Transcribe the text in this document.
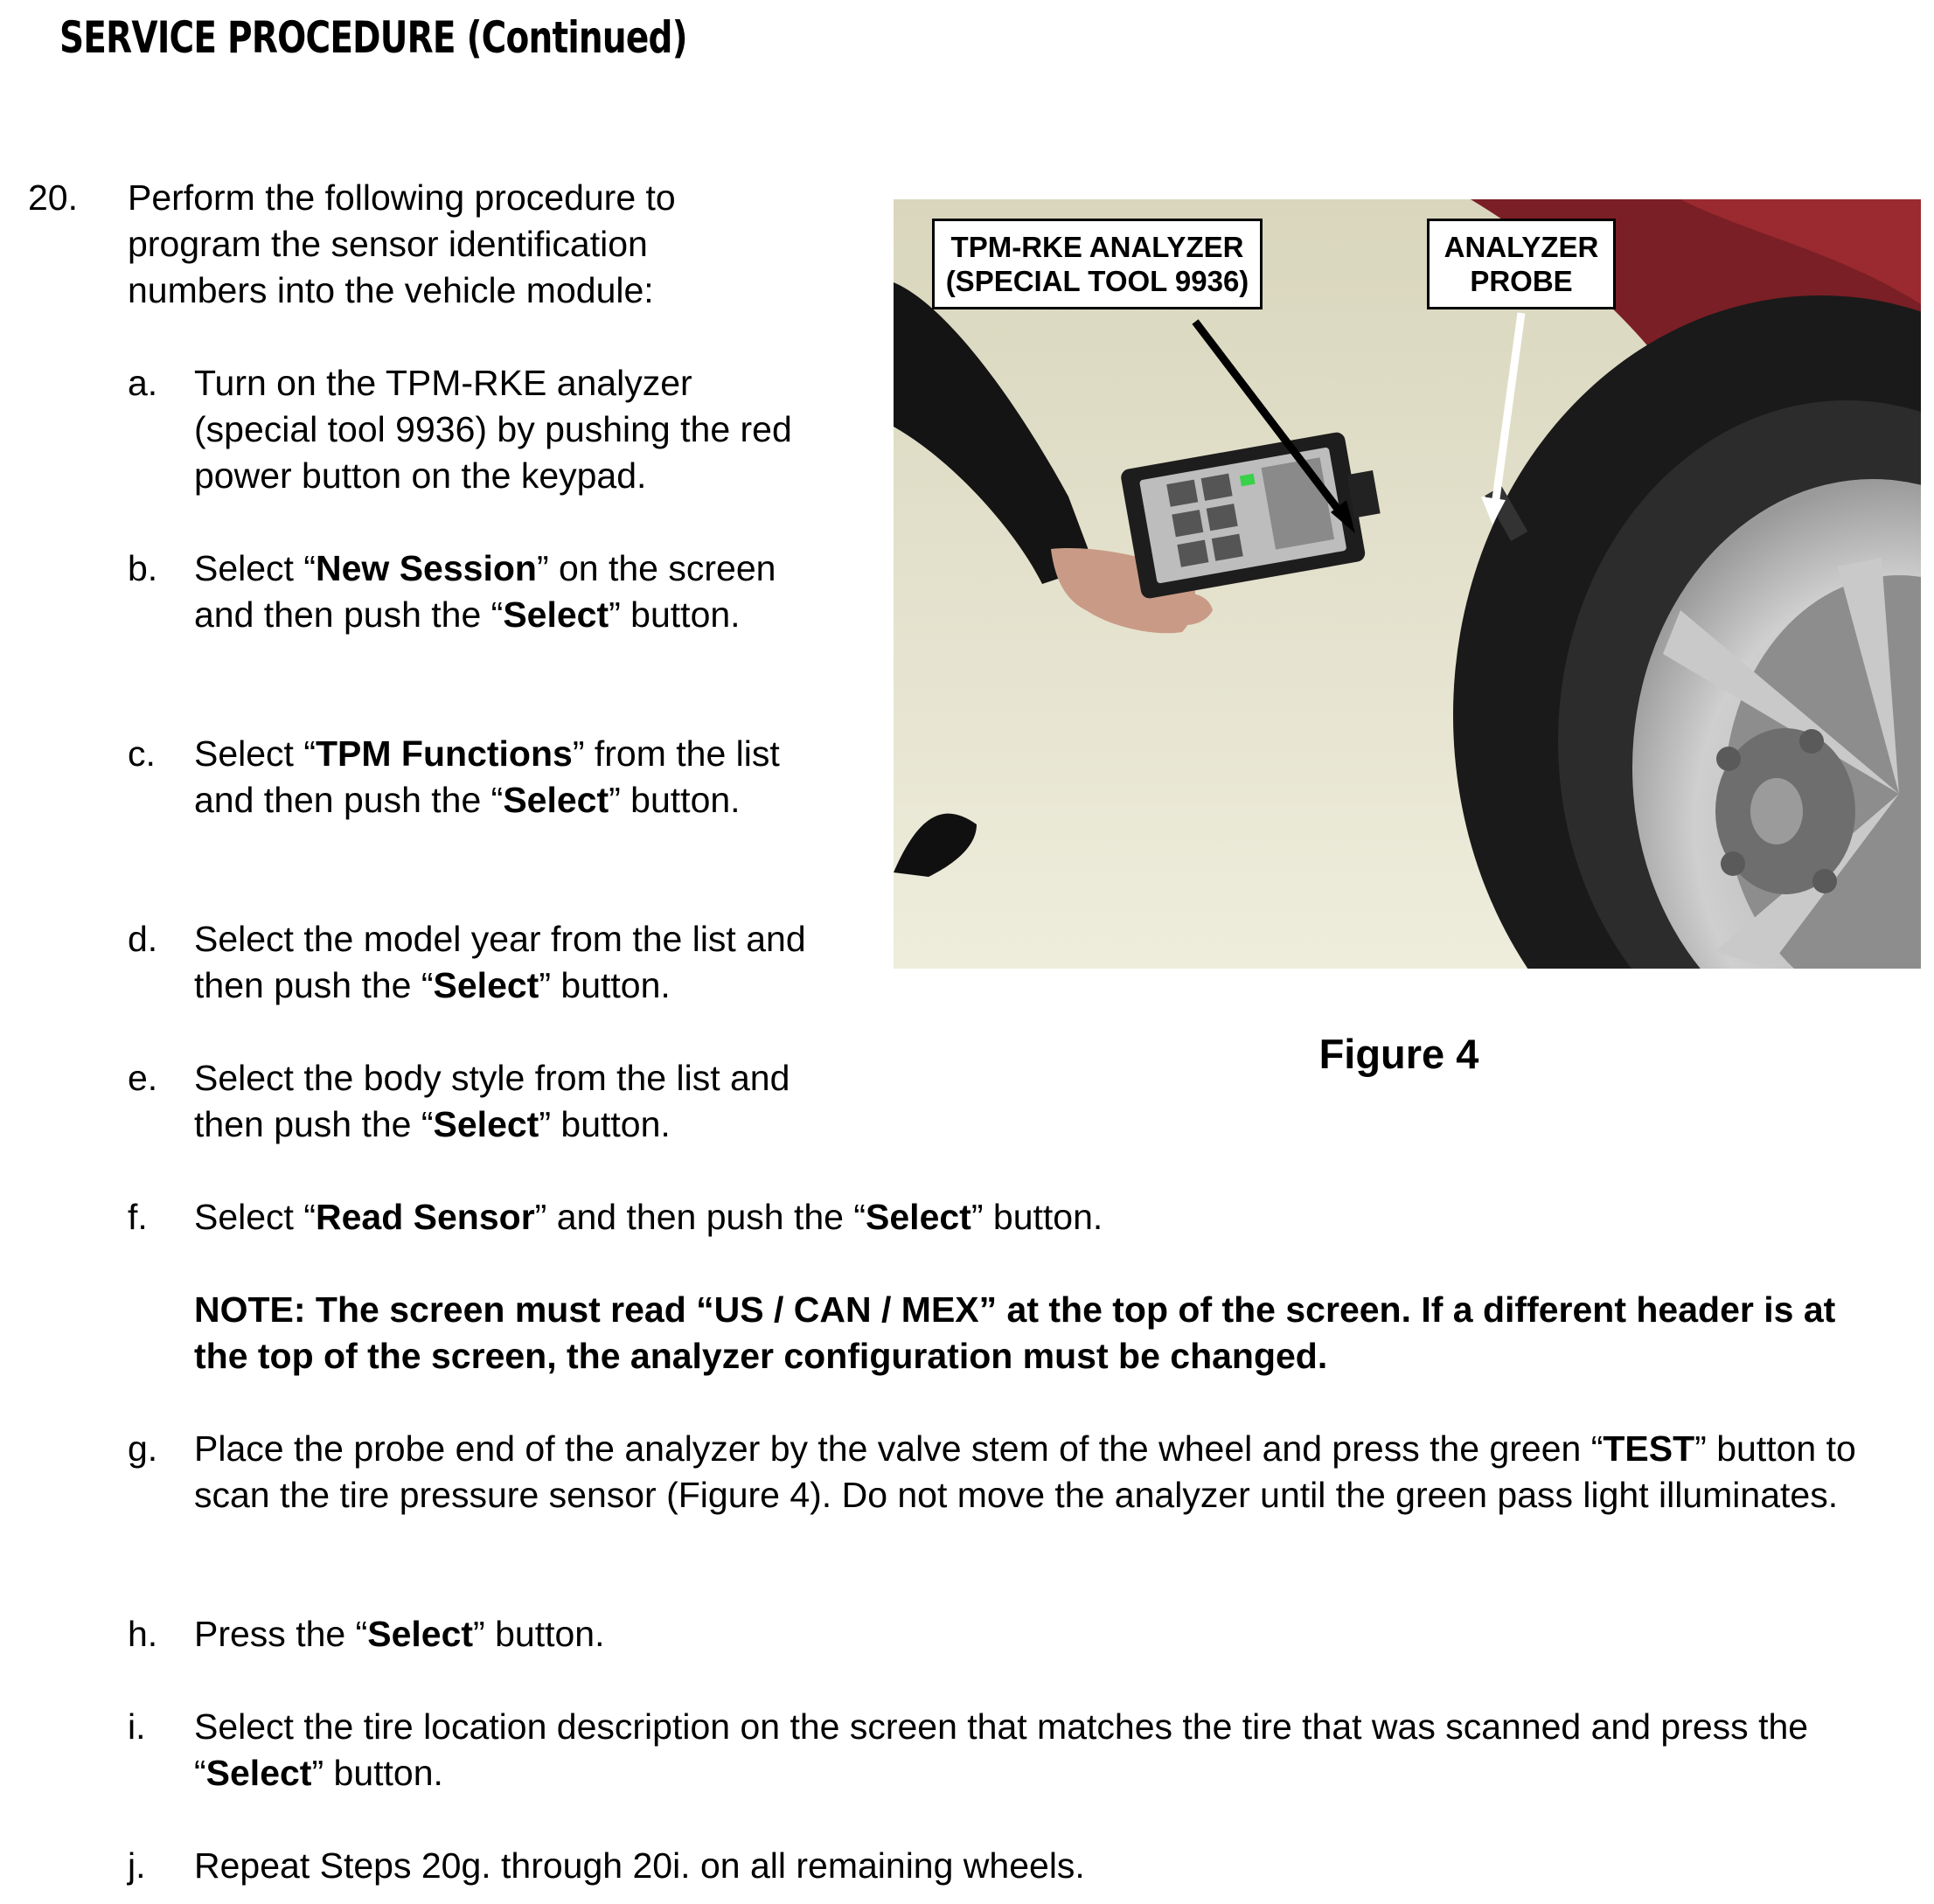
SERVICE PROCEDURE (Continued)
20. Perform the following procedure to program the sensor identification numbers into the vehicle module:
a. Turn on the TPM-RKE analyzer (special tool 9936) by pushing the red power button on the keypad.
b. Select “New Session” on the screen and then push the “Select” button.
c. Select “TPM Functions” from the list and then push the “Select” button.
d. Select the model year from the list and then push the “Select” button.
e. Select the body style from the list and then push the “Select” button.
f. Select “Read Sensor” and then push the “Select” button.
NOTE: The screen must read “US / CAN / MEX” at the top of the screen. If a different header is at the top of the screen, the analyzer configuration must be changed.
g. Place the probe end of the analyzer by the valve stem of the wheel and press the green “TEST” button to scan the tire pressure sensor (Figure 4). Do not move the analyzer until the green pass light illuminates.
h. Press the “Select” button.
i. Select the tire location description on the screen that matches the tire that was scanned and press the “Select” button.
j. Repeat Steps 20g. through 20i. on all remaining wheels.
TPM-RKE ANALYZER (SPECIAL TOOL 9936)
ANALYZER PROBE
Figure 4
